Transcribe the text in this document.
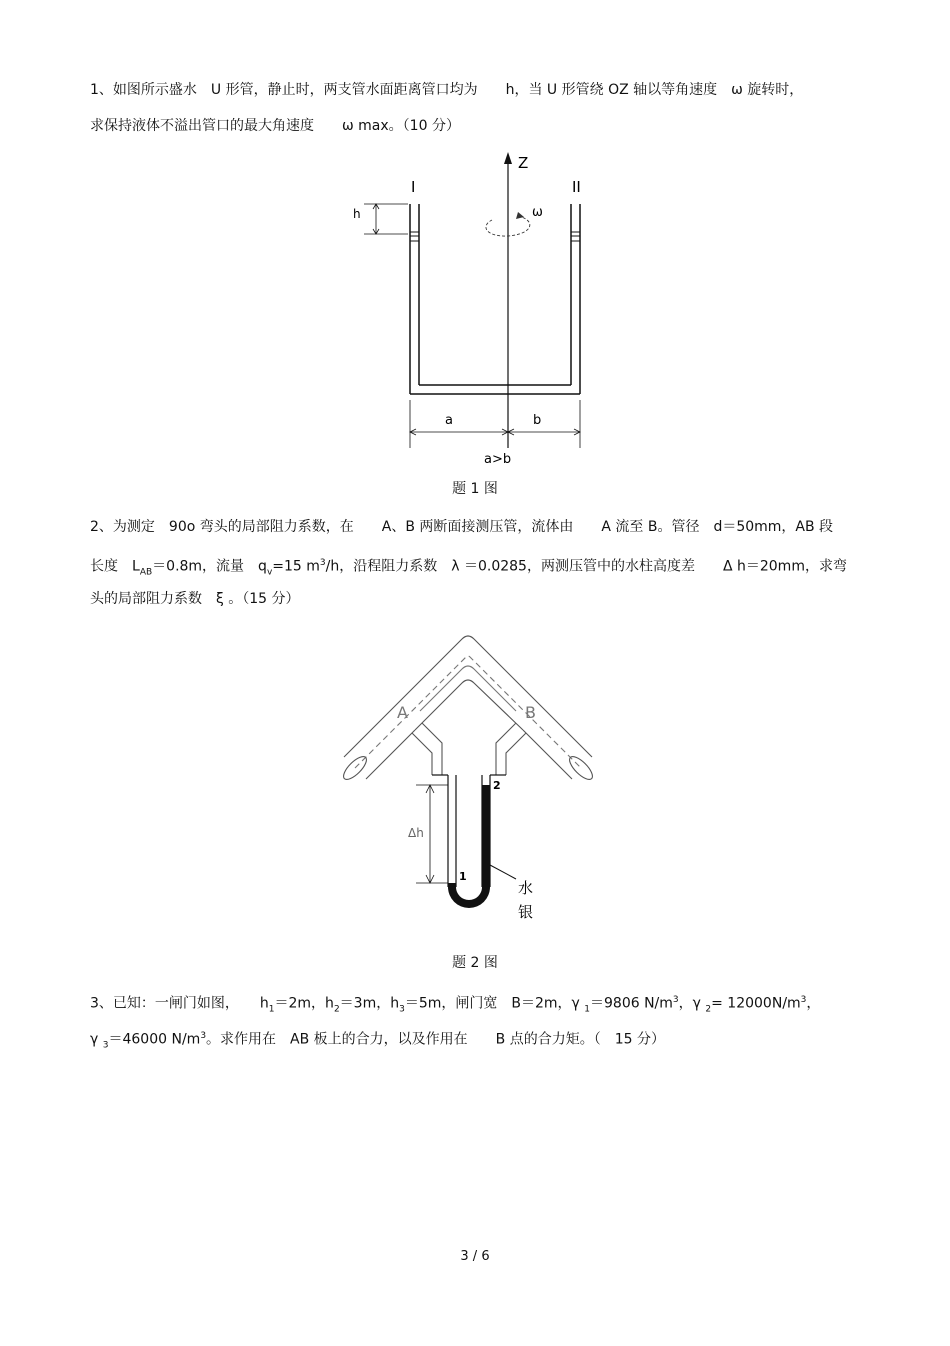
1、如图所示盛水　U 形管，静止时，两支管水面距离管口均为　　h，当 U 形管绕 OZ 轴以等角速度　ω 旋转时，
求保持液体不溢出管口的最大角速度　　ω max。（10 分）
Z
I	II
h	ω
a	b
a>b
题 1 图
2、为测定　90o 弯头的局部阻力系数，在　　A、B 两断面接测压管，流体由　　A 流至 B。管径　d＝50mm，AB 段
长度　$L_{AB}=0.8m$，流量　$q_v=15$ $m^3/h$，沿程阻力系数　λ ＝0.0285，两测压管中的水柱高度差　　Δ h＝20mm，求弯
头的局部阻力系数　ξ 。（15 分）
A	B
Δh
1
2
水
银
题 2 图
3、已知：一闸门如图，　　$h_1=2m$，$h_2=3m$，$h_3=5m$，闸门宽　B＝2m，γ $_1$＝9806 $N/m^3$，γ $_2= 12000N/m^3$，
γ $_3$＝46000 $N/m^3$。求作用在　AB 板上的合力，以及作用在　　B 点的合力矩。（　15 分）
3 / 6
